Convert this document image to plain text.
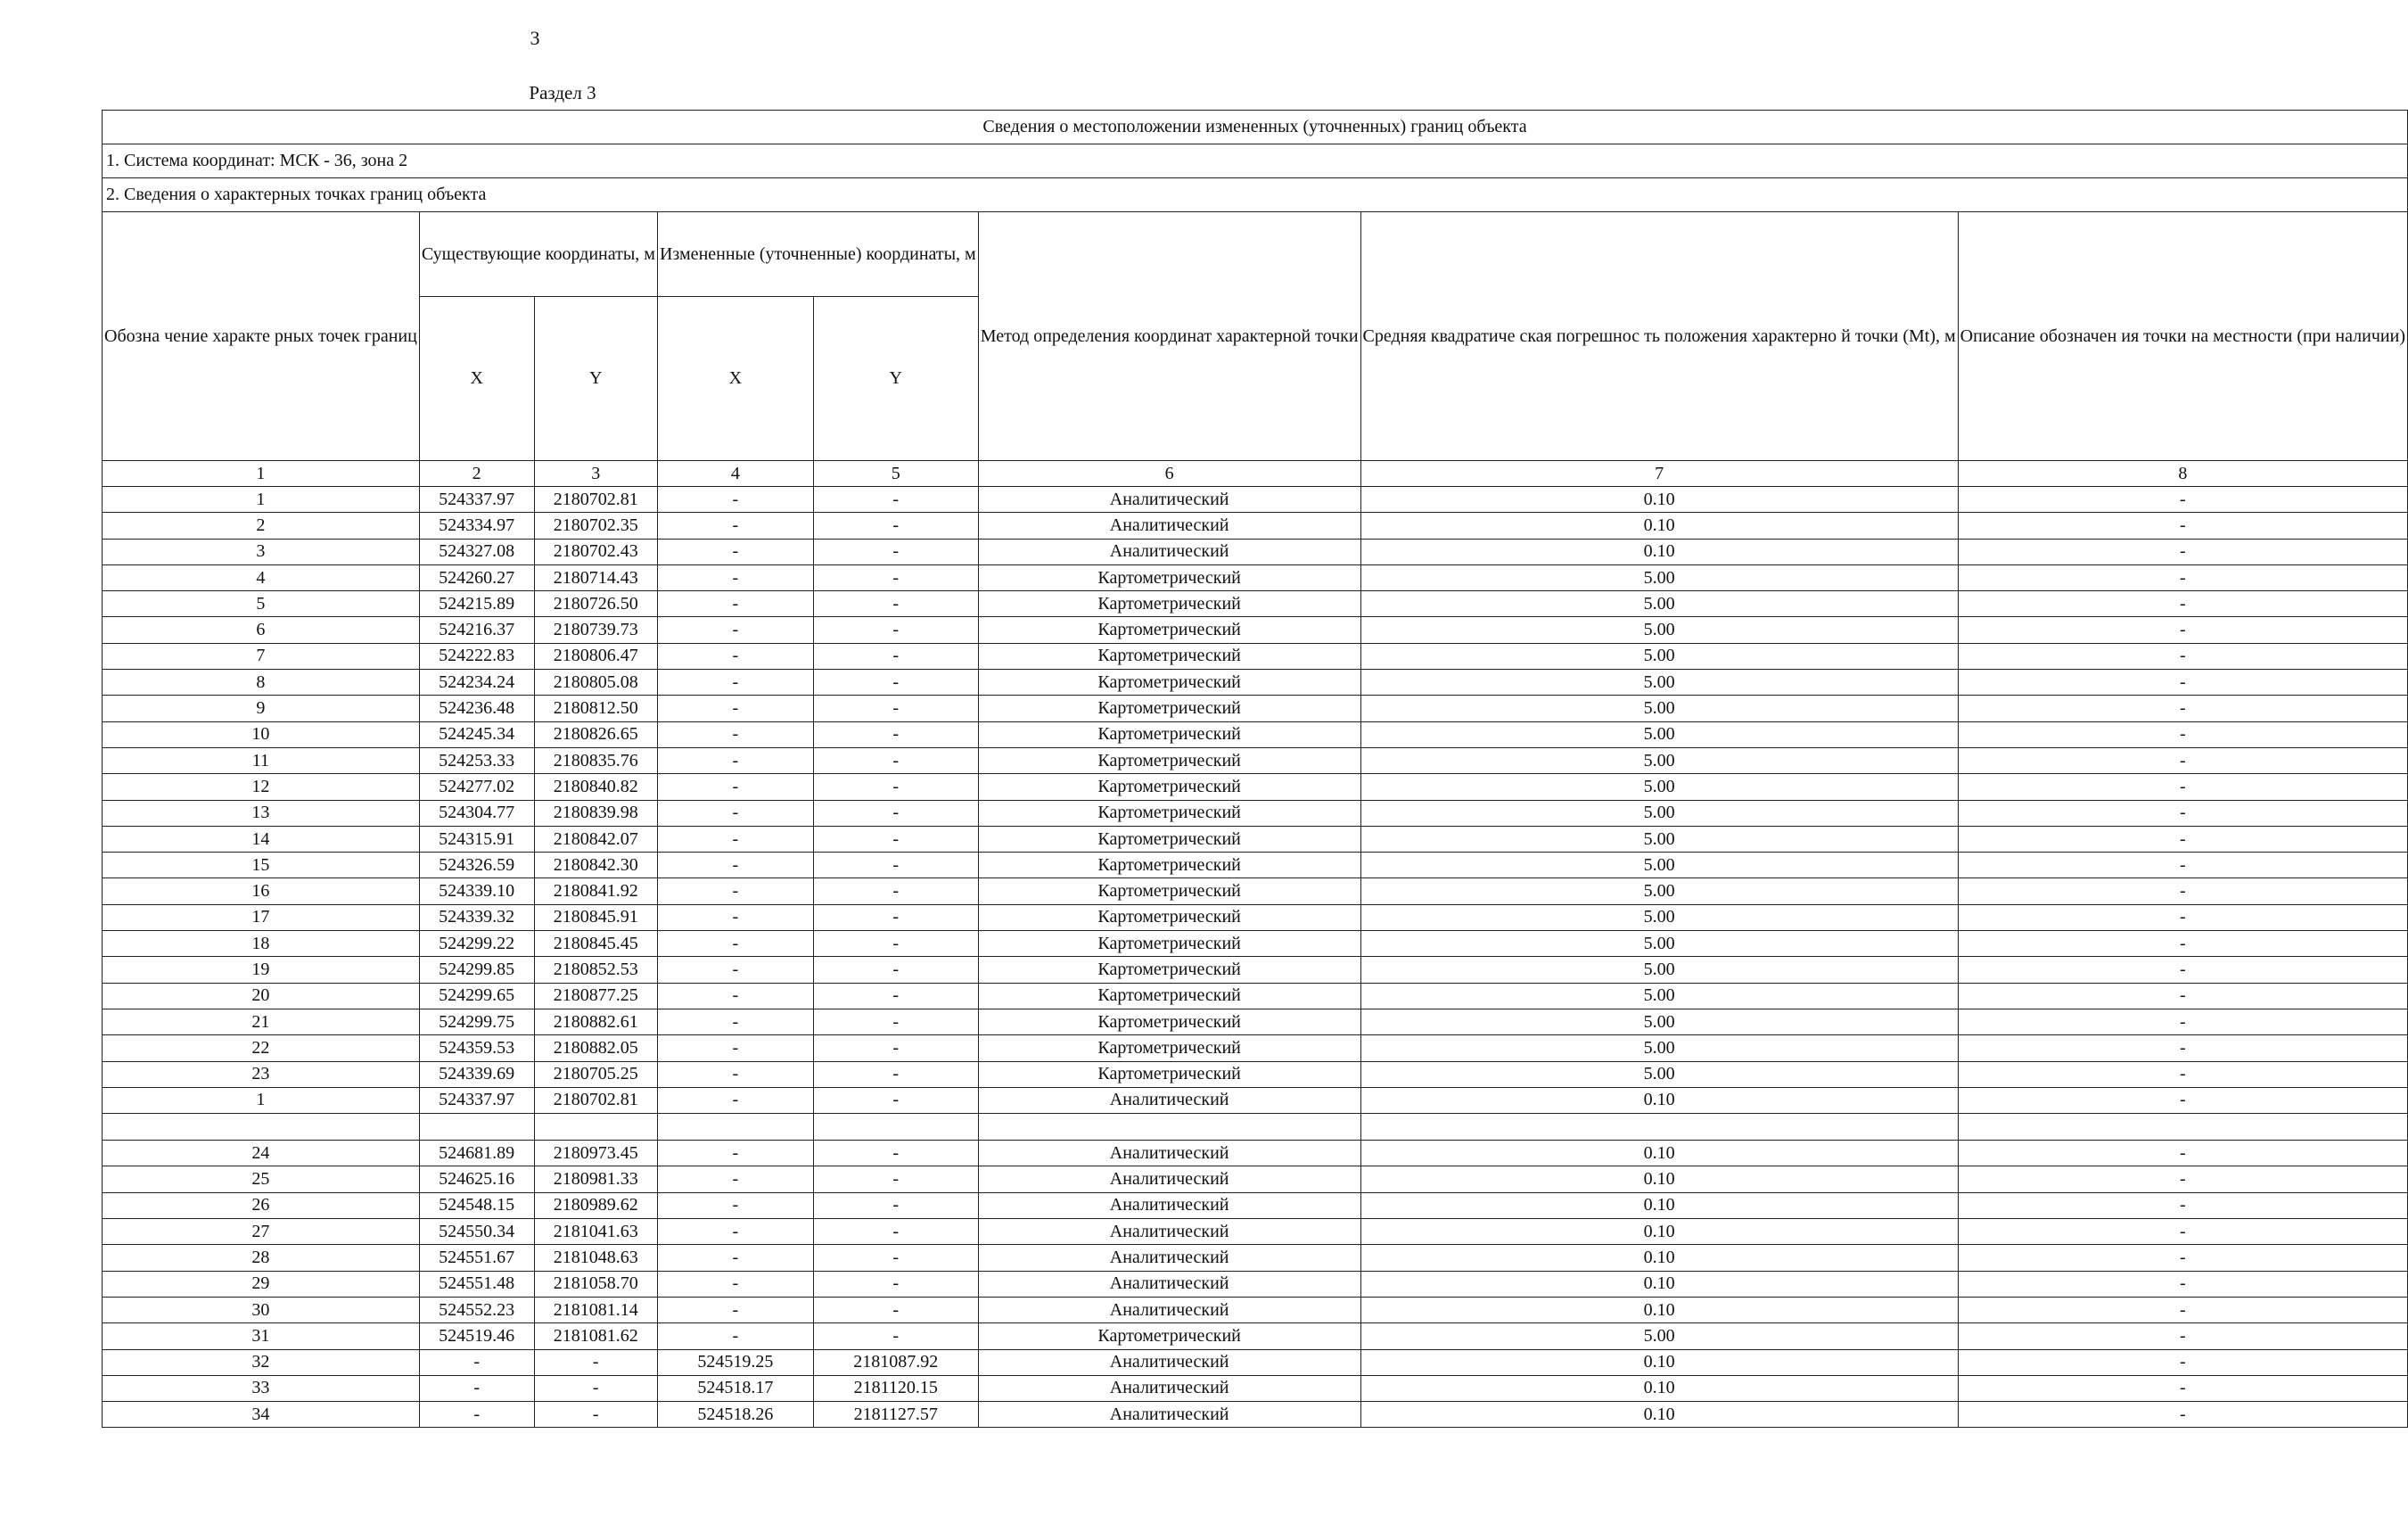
3
Раздел 3
Сведения о местоположении измененных (уточненных) границ объекта							
1. Система координат: МСК - 36, зона 2							
2. Сведения о характерных точках границ объекта							
Обозна чение характе рных точек границ	Существующие координаты, м		Измененные (уточненные) координаты, м		Метод определения координат характерной точки	Средняя квадратиче ская погрешнос ть положения характерно й точки (Mt), м	Описание обозначен ия точки на местности (при наличии)
	X	Y	X	Y			
1	2	3	4	5	6	7	8
1	524337.97	2180702.81	-	-	Аналитический	0.10	-
2	524334.97	2180702.35	-	-	Аналитический	0.10	-
3	524327.08	2180702.43	-	-	Аналитический	0.10	-
4	524260.27	2180714.43	-	-	Картометрический	5.00	-
5	524215.89	2180726.50	-	-	Картометрический	5.00	-
6	524216.37	2180739.73	-	-	Картометрический	5.00	-
7	524222.83	2180806.47	-	-	Картометрический	5.00	-
8	524234.24	2180805.08	-	-	Картометрический	5.00	-
9	524236.48	2180812.50	-	-	Картометрический	5.00	-
10	524245.34	2180826.65	-	-	Картометрический	5.00	-
11	524253.33	2180835.76	-	-	Картометрический	5.00	-
12	524277.02	2180840.82	-	-	Картометрический	5.00	-
13	524304.77	2180839.98	-	-	Картометрический	5.00	-
14	524315.91	2180842.07	-	-	Картометрический	5.00	-
15	524326.59	2180842.30	-	-	Картометрический	5.00	-
16	524339.10	2180841.92	-	-	Картометрический	5.00	-
17	524339.32	2180845.91	-	-	Картометрический	5.00	-
18	524299.22	2180845.45	-	-	Картометрический	5.00	-
19	524299.85	2180852.53	-	-	Картометрический	5.00	-
20	524299.65	2180877.25	-	-	Картометрический	5.00	-
21	524299.75	2180882.61	-	-	Картометрический	5.00	-
22	524359.53	2180882.05	-	-	Картометрический	5.00	-
23	524339.69	2180705.25	-	-	Картометрический	5.00	-
1	524337.97	2180702.81	-	-	Аналитический	0.10	-

24	524681.89	2180973.45	-	-	Аналитический	0.10	-
25	524625.16	2180981.33	-	-	Аналитический	0.10	-
26	524548.15	2180989.62	-	-	Аналитический	0.10	-
27	524550.34	2181041.63	-	-	Аналитический	0.10	-
28	524551.67	2181048.63	-	-	Аналитический	0.10	-
29	524551.48	2181058.70	-	-	Аналитический	0.10	-
30	524552.23	2181081.14	-	-	Аналитический	0.10	-
31	524519.46	2181081.62	-	-	Картометрический	5.00	-
32	-	-	524519.25	2181087.92	Аналитический	0.10	-
33	-	-	524518.17	2181120.15	Аналитический	0.10	-
34	-	-	524518.26	2181127.57	Аналитический	0.10	-
